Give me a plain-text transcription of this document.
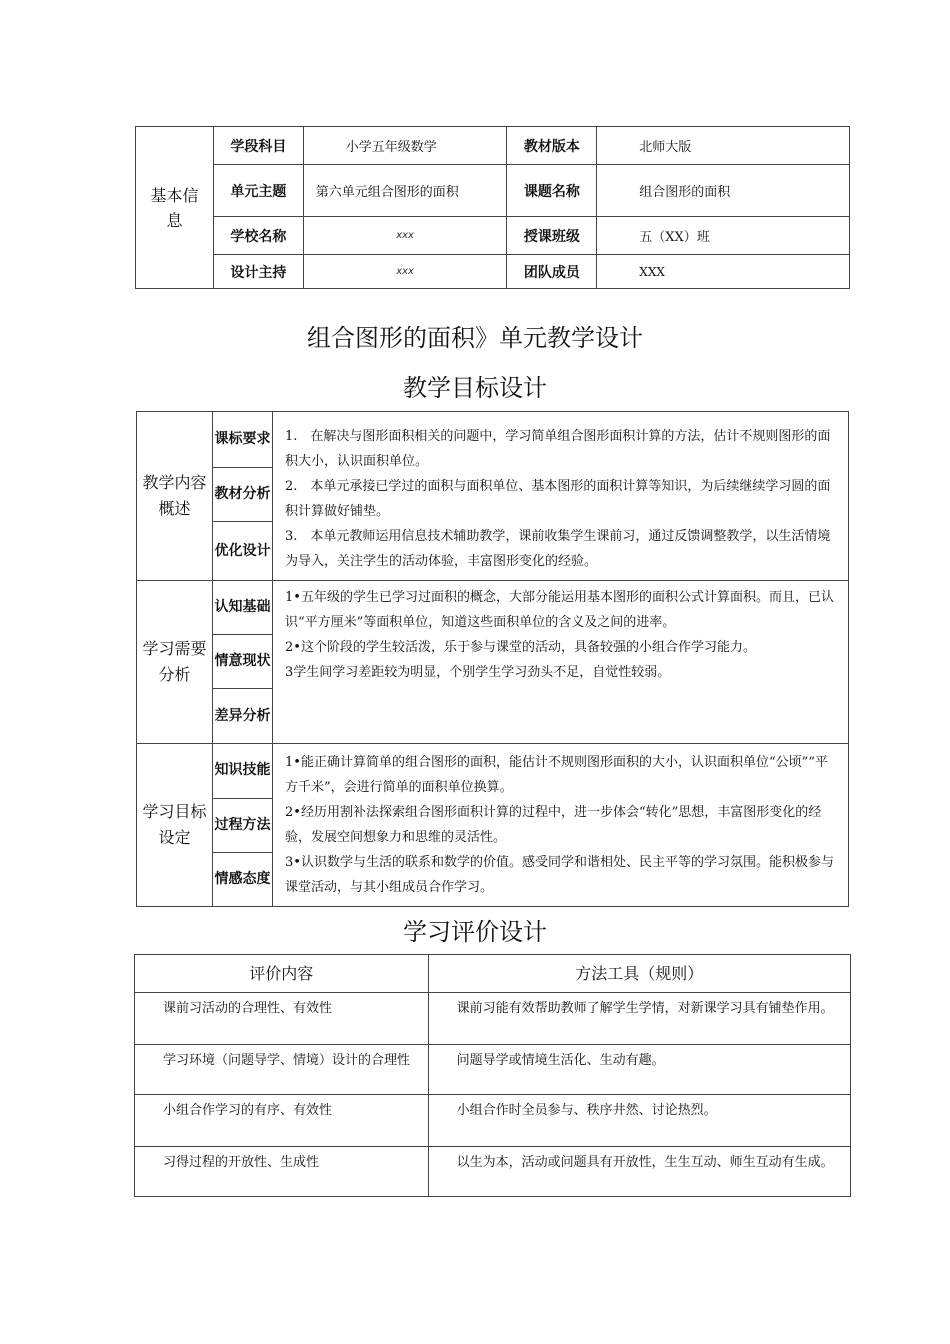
基本信息	学段科目	小学五年级数学	教材版本	北师大版
	单元主题	第六单元组合图形的面积	课题名称	组合图形的面积
	学校名称	xxx	授课班级	五（XX）班
	设计主持	xxx	团队成员	XXX
组合图形的面积》单元教学设计
教学目标设计
教学内容概述	课标要求	1.　在解决与图形面积相关的问题中，学习简单组合图形面积计算的方法，估计不规则图形的面积大小，认识面积单位。

2.　本单元承接已学过的面积与面积单位、基本图形的面积计算等知识，为后续继续学习圆的面积计算做好铺垫。

3.　本单元教师运用信息技术辅助教学，课前收集学生课前习，通过反馈调整教学，以生活情境为导入，关注学生的活动体验，丰富图形变化的经验。

	教材分析	
	优化设计	
学习需要分析	认知基础	1•五年级的学生已学习过面积的概念，大部分能运用基本图形的面积公式计算面积。而且，已认识“平方厘米”等面积单位，知道这些面积单位的含义及之间的进率。

2•这个阶段的学生较活泼，乐于参与课堂的活动，具备较强的小组合作学习能力。

3学生间学习差距较为明显，个别学生学习劲头不足，自觉性较弱。

	情意现状	
	差异分析	
学习目标设定	知识技能	1•能正确计算简单的组合图形的面积，能估计不规则图形面积的大小，认识面积单位“公顷”“平方千米”，会进行简单的面积单位换算。

2•经历用割补法探索组合图形面积计算的过程中，进一步体会“转化”思想，丰富图形变化的经验，发展空间想象力和思维的灵活性。

3•认识数学与生活的联系和数学的价值。感受同学和谐相处、民主平等的学习氛围。能积极参与课堂活动，与其小组成员合作学习。

	过程方法	
	情感态度	
学习评价设计
评价内容	方法工具（规则）
课前习活动的合理性、有效性	课前习能有效帮助教师了解学生学情，对新课学习具有铺垫作用。
学习环境（问题导学、情境）设计的合理性	问题导学或情境生活化、生动有趣。
小组合作学习的有序、有效性	小组合作时全员参与、秩序井然、讨论热烈。
习得过程的开放性、生成性	以生为本，活动或问题具有开放性，生生互动、师生互动有生成。
